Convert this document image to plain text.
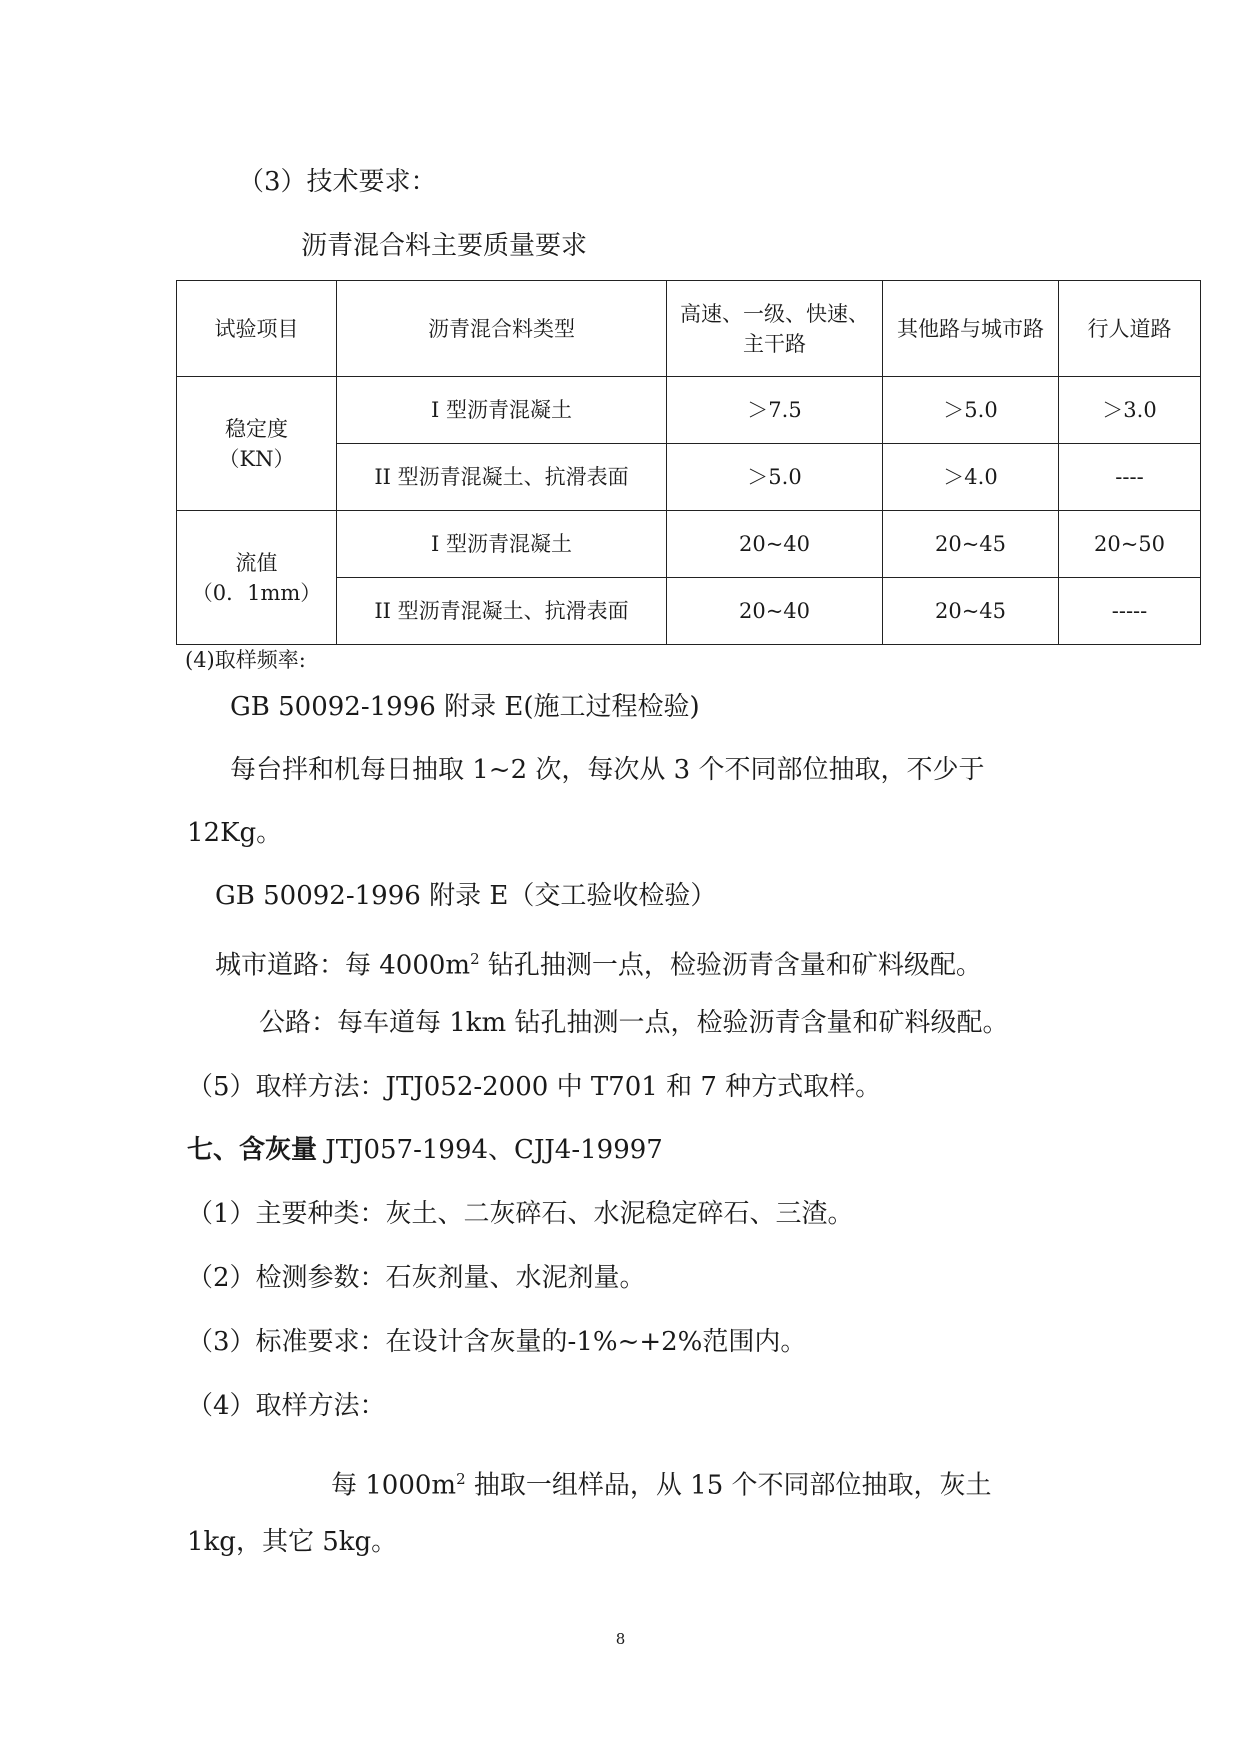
（3）技术要求：
沥青混合料主要质量要求
试验项目	沥青混合料类型	高速、一级、快速、主干路	其他路与城市路	行人道路

稳定度
（KN）	I 型沥青混凝土	＞7.5	＞5.0	＞3.0
	II 型沥青混凝土、抗滑表面	＞5.0	＞4.0	----

流值
（0．1mm）	I 型沥青混凝土	20~40	20~45	20~50
	II 型沥青混凝土、抗滑表面	20~40	20~45	-----
(4)取样频率:
GB 50092-1996 附录 E(施工过程检验)
每台拌和机每日抽取 1~2 次，每次从 3 个不同部位抽取，不少于
12Kg。
GB 50092-1996 附录 E（交工验收检验）
城市道路：每 $4000m^2$ 钻孔抽测一点，检验沥青含量和矿料级配。
公路：每车道每 1km 钻孔抽测一点，检验沥青含量和矿料级配。
（5）取样方法：JTJ052-2000 中 T701 和 7 种方式取样。
七、含灰量 JTJ057-1994、CJJ4-19997
（1）主要种类：灰土、二灰碎石、水泥稳定碎石、三渣。
（2）检测参数：石灰剂量、水泥剂量。
（3）标准要求：在设计含灰量的-1%~+2%范围内。
（4）取样方法：
每 $1000m^2$ 抽取一组样品，从 15 个不同部位抽取，灰土
1kg，其它 5kg。
8
